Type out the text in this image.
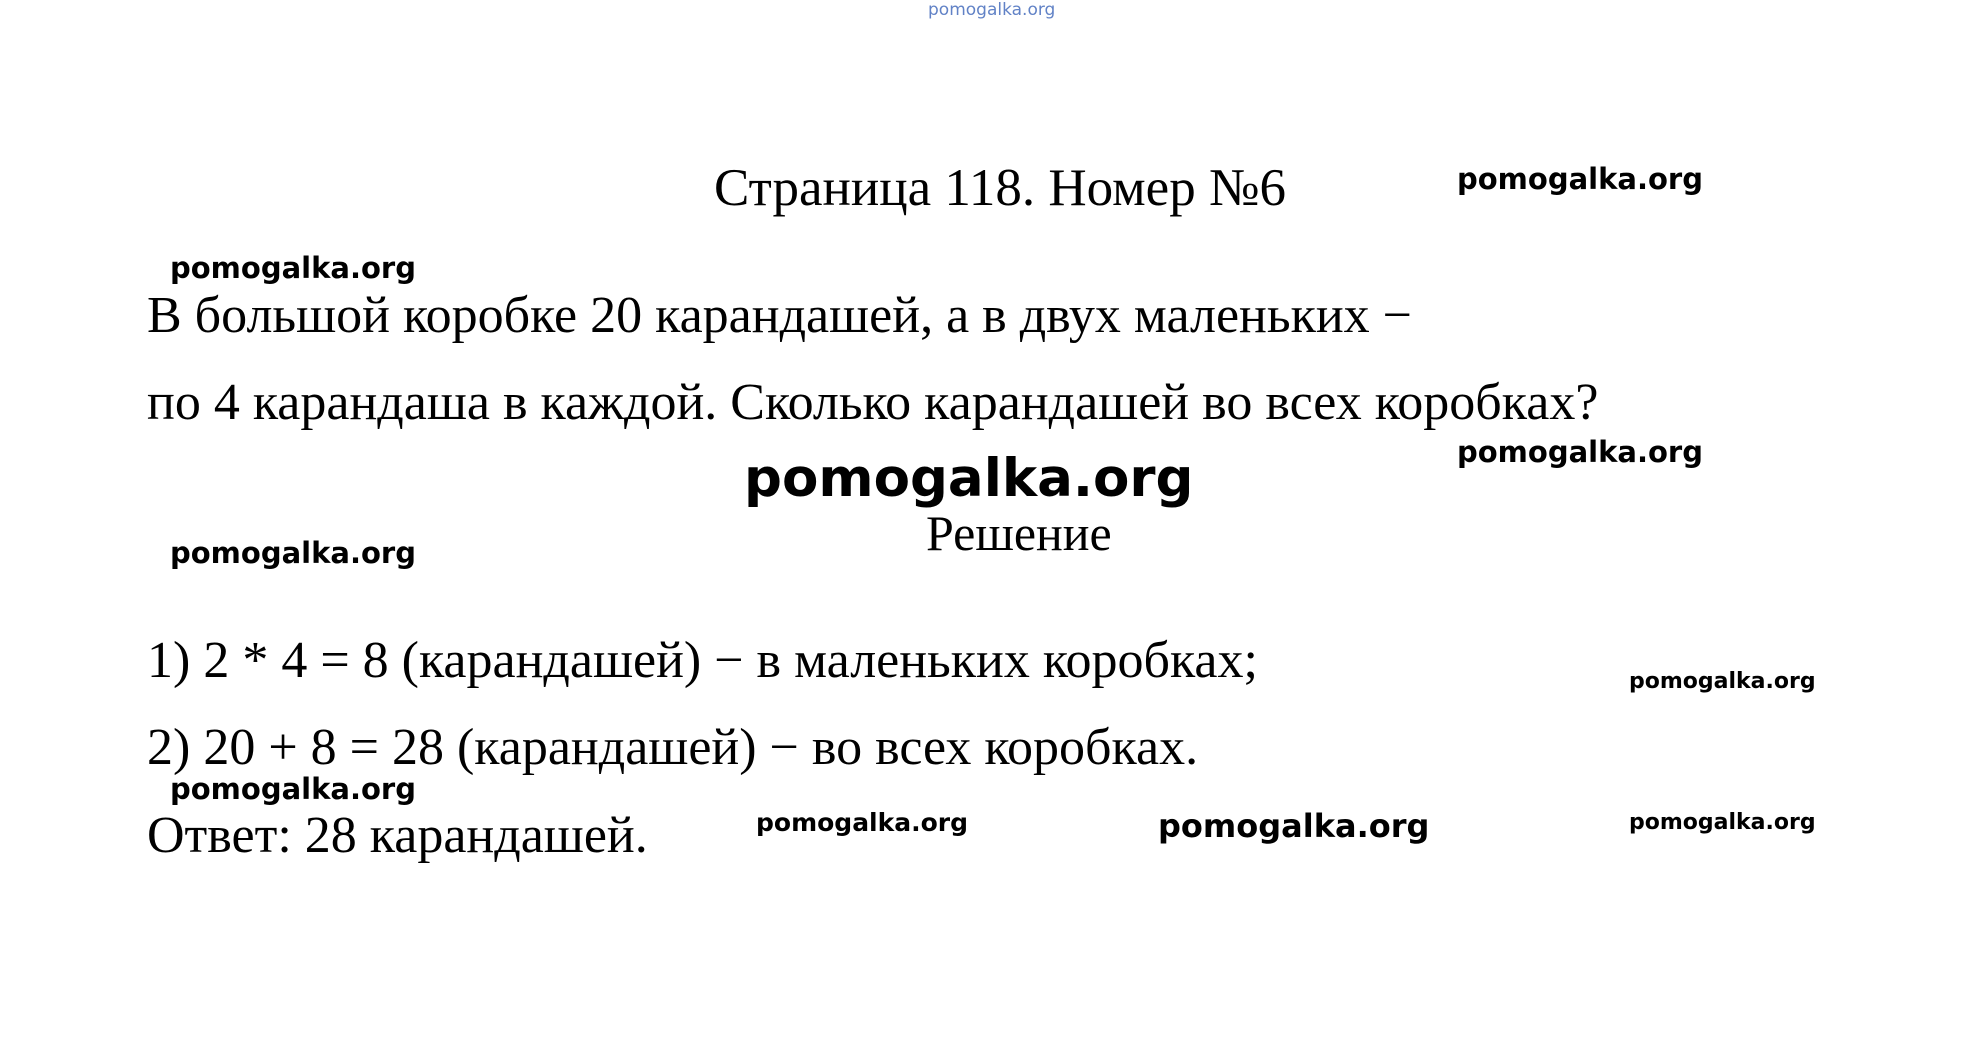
pomogalka.org
Страница 118. Номер №6	pomogalka.org
pomogalka.org
В большой коробке 20 карандашей, а в двух маленьких −
по 4 карандаша в каждой. Сколько карандашей во всех коробках?
pomogalka.org
pomogalka.org
Решение
pomogalka.org
1) 2 * 4 = 8 (карандашей) − в маленьких коробках;	pomogalka.org
2) 20 + 8 = 28 (карандашей) − во всех коробках.
pomogalka.org
Ответ: 28 карандашей.	pomogalka.org	pomogalka.org	pomogalka.org
